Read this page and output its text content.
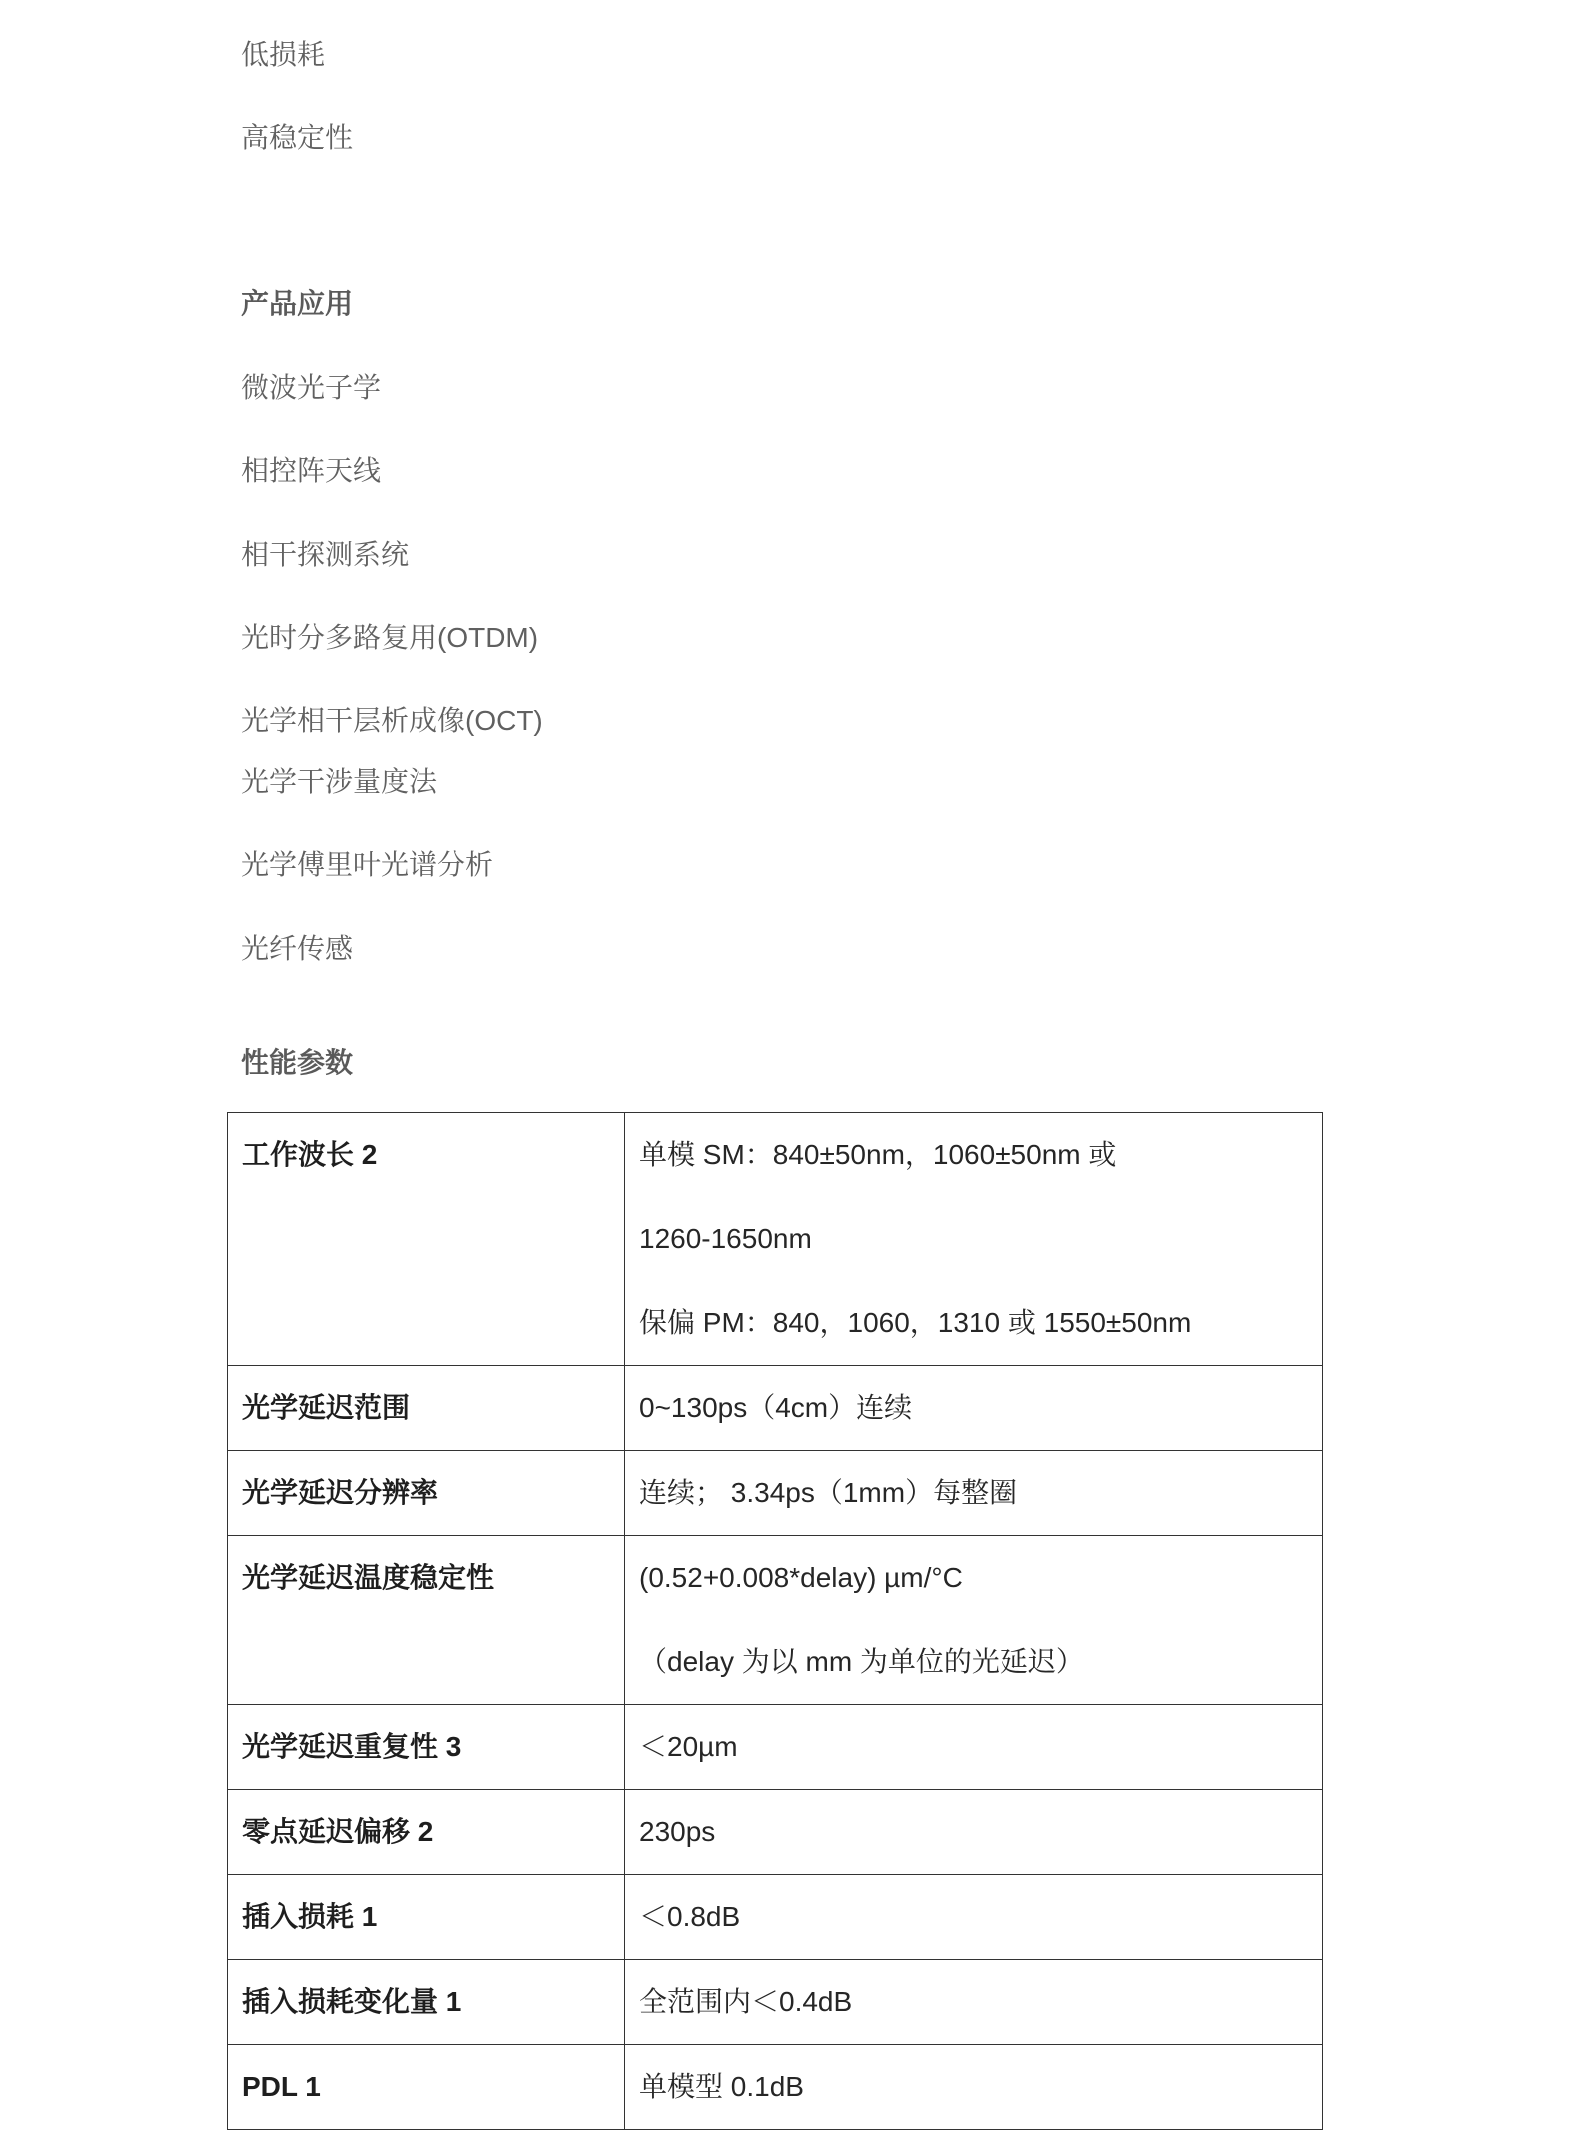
低损耗
高稳定性
产品应用
微波光子学
相控阵天线
相干探测系统
光时分多路复用(OTDM)
光学相干层析成像(OCT)
光学干涉量度法
光学傅里叶光谱分析
光纤传感
性能参数
工作波长 2	单模 SM：840±50nm，1060±50nm 或
1260-1650nm
保偏 PM：840，1060，1310 或 1550±50nm

光学延迟范围	0~130ps（4cm）连续

光学延迟分辨率	连续； 3.34ps（1mm）每整圈

光学延迟温度稳定性	(0.52+0.008*delay) µm/°C
（delay 为以 mm 为单位的光延迟）

光学延迟重复性 3	＜20µm

零点延迟偏移 2	230ps

插入损耗 1	＜0.8dB

插入损耗变化量 1	全范围内＜0.4dB

PDL 1	单模型 0.1dB
